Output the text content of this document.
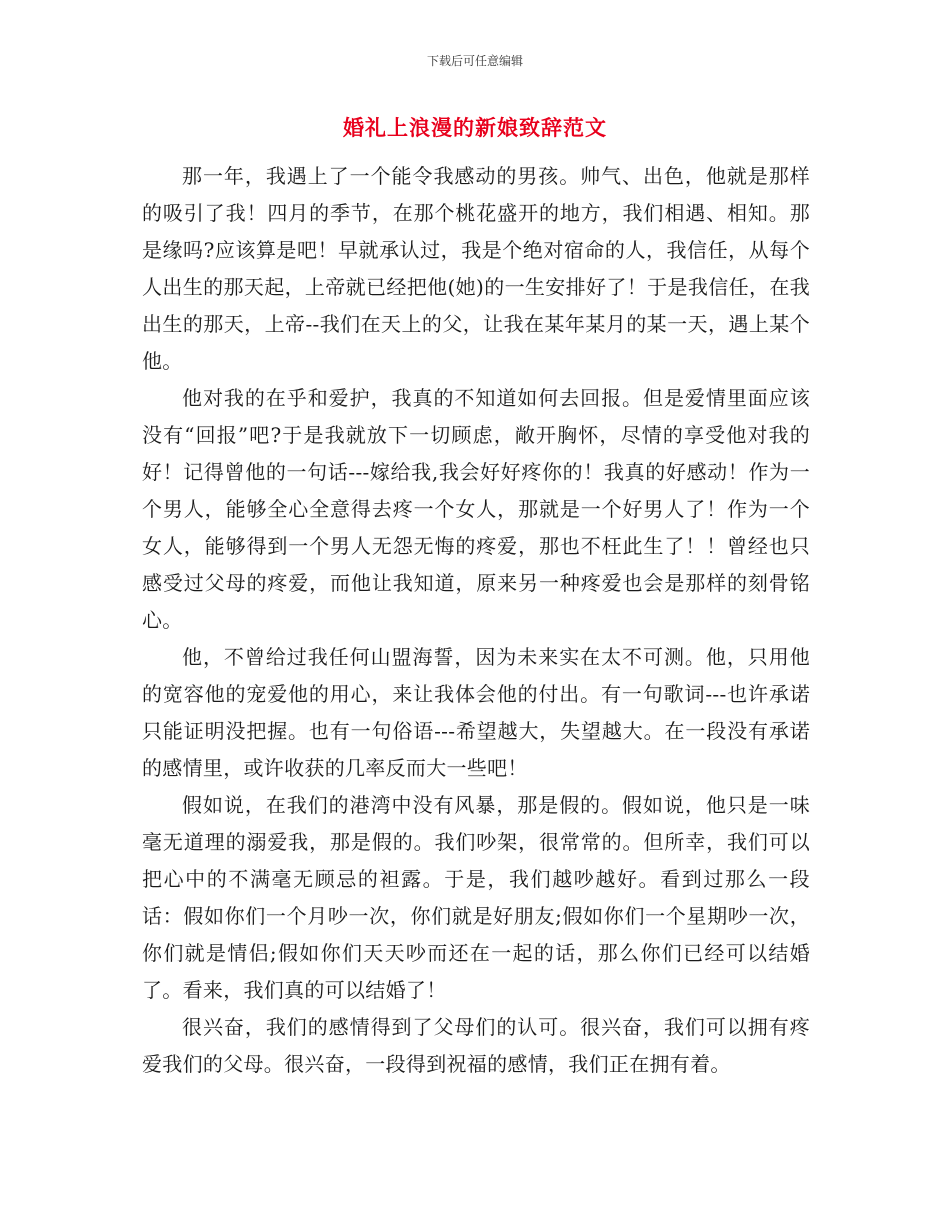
下载后可任意编辑
婚礼上浪漫的新娘致辞范文

那一年，我遇上了一个能令我感动的男孩。帅气、出色，他就是那样的吸引了我！四月的季节，在那个桃花盛开的地方，我们相遇、相知。那是缘吗?应该算是吧！早就承认过，我是个绝对宿命的人，我信任，从每个人出生的那天起，上帝就已经把他(她)的一生安排好了！于是我信任，在我出生的那天，上帝--我们在天上的父，让我在某年某月的某一天，遇上某个他。

他对我的在乎和爱护，我真的不知道如何去回报。但是爱情里面应该没有“回报”吧?于是我就放下一切顾虑，敞开胸怀，尽情的享受他对我的好！记得曾他的一句话---嫁给我,我会好好疼你的！我真的好感动！作为一个男人，能够全心全意得去疼一个女人，那就是一个好男人了！作为一个女人，能够得到一个男人无怨无悔的疼爱，那也不枉此生了！！曾经也只感受过父母的疼爱，而他让我知道，原来另一种疼爱也会是那样的刻骨铭心。

他，不曾给过我任何山盟海誓，因为未来实在太不可测。他，只用他的宽容他的宠爱他的用心，来让我体会他的付出。有一句歌词---也许承诺只能证明没把握。也有一句俗语---希望越大，失望越大。在一段没有承诺的感情里，或许收获的几率反而大一些吧！

假如说，在我们的港湾中没有风暴，那是假的。假如说，他只是一味毫无道理的溺爱我，那是假的。我们吵架，很常常的。但所幸，我们可以把心中的不满毫无顾忌的袒露。于是，我们越吵越好。看到过那么一段话：假如你们一个月吵一次，你们就是好朋友;假如你们一个星期吵一次，你们就是情侣;假如你们天天吵而还在一起的话，那么你们已经可以结婚了。看来，我们真的可以结婚了！

很兴奋，我们的感情得到了父母们的认可。很兴奋，我们可以拥有疼爱我们的父母。很兴奋，一段得到祝福的感情，我们正在拥有着。
